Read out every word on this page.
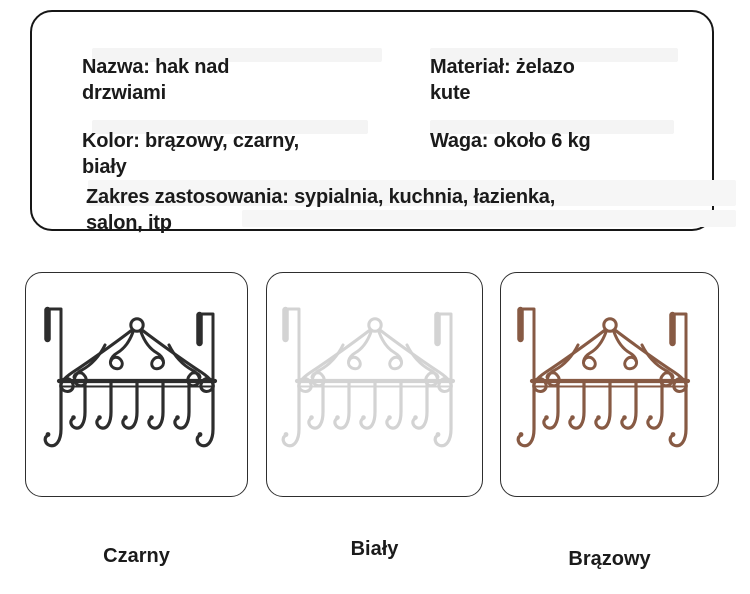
Nazwa: hak nad
drzwiami
Materiał: żelazo
kute
Kolor: brązowy, czarny,
biały
Waga: około 6 kg
Zakres zastosowania: sypialnia, kuchnia, łazienka,
salon, itp
Czarny	Biały	Brązowy
